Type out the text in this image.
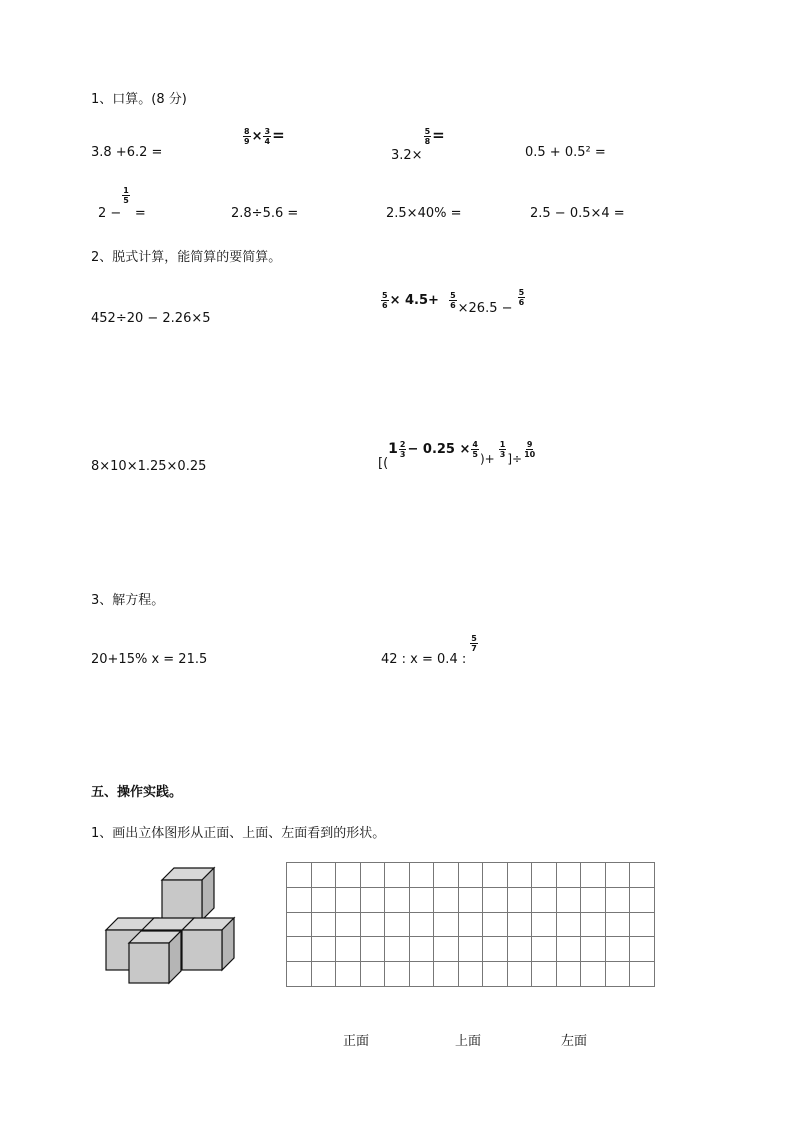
1、口算。(8 分)
3.8 +6.2 =
$\frac{8}{9} \times \frac{3}{4}$ =
3.2×
$\frac{5}{8}$ =
0.5 + 0.5² =
2 −
$\frac{1}{5}$
=	2.8÷5.6 =	2.5×40% =	2.5 − 0.5×4 =
2、脱式计算，能简算的要简算。
452÷20 − 2.26×5
$\frac{5}{6} \times 4.5+ \frac{5}{6} \times 26.5$ −
$\frac{5}{6}$
8×10×1.25×0.25	[($1 \frac{2}{3} - 0.25 \times \frac{4}{5}$ )+ $\frac{1}{3}$ ]÷ $\frac{9}{10}$
3、解方程。
20+15% x = 21.5	42 : x = 0.4 :
$\frac{5}{7}$
五、操作实践。
1、画出立体图形从正面、上面、左面看到的形状。

正面	上面	左面
